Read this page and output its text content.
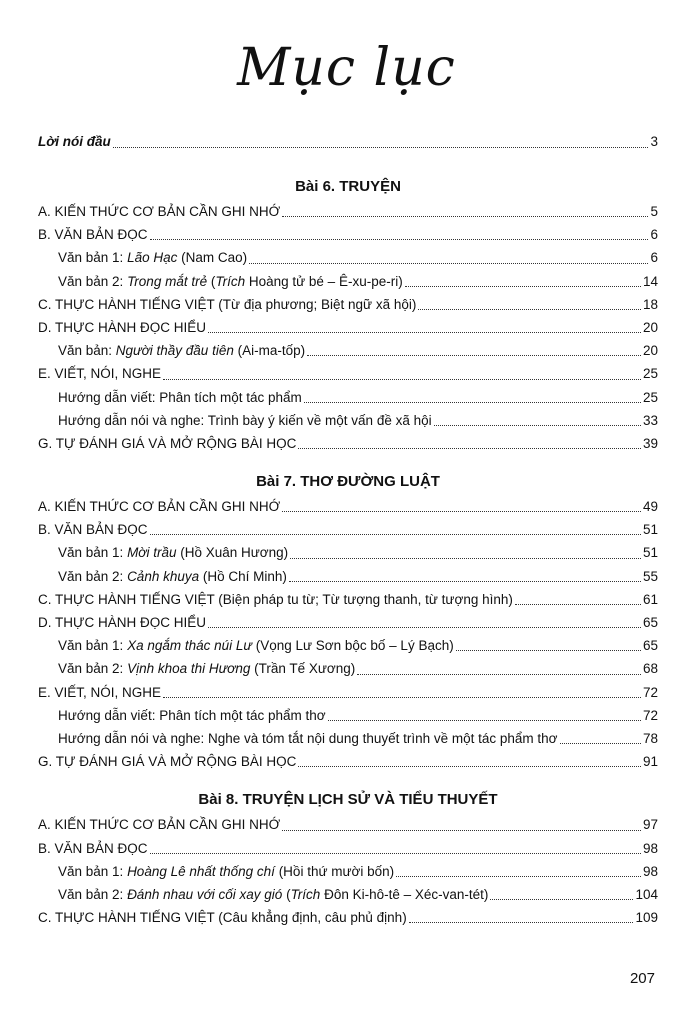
Mục lục
Lời nói đầu	3
Bài 6. TRUYỆN
A. KIẾN THỨC CƠ BẢN CẦN GHI NHỚ	5
B. VĂN BẢN ĐỌC	6
Văn bản 1: Lão Hạc (Nam Cao)	6
Văn bản 2: Trong mắt trẻ (Trích Hoàng tử bé – Ê-xu-pe-ri)	14
C. THỰC HÀNH TIẾNG VIỆT (Từ địa phương; Biệt ngữ xã hội)	18
D. THỰC HÀNH ĐỌC HIỂU	20
Văn bản: Người thầy đầu tiên (Ai-ma-tốp)	20
E. VIẾT, NÓI, NGHE	25
Hướng dẫn viết: Phân tích một tác phẩm	25
Hướng dẫn nói và nghe: Trình bày ý kiến về một vấn đề xã hội	33
G. TỰ ĐÁNH GIÁ VÀ MỞ RỘNG BÀI HỌC	39
Bài 7. THƠ ĐƯỜNG LUẬT
A. KIẾN THỨC CƠ BẢN CẦN GHI NHỚ	49
B. VĂN BẢN ĐỌC	51
Văn bản 1: Mời trầu (Hồ Xuân Hương)	51
Văn bản 2: Cảnh khuya (Hồ Chí Minh)	55
C. THỰC HÀNH TIẾNG VIỆT (Biện pháp tu từ; Từ tượng thanh, từ tượng hình)	61
D. THỰC HÀNH ĐỌC HIỂU	65
Văn bản 1: Xa ngắm thác núi Lư (Vọng Lư Sơn bộc bố – Lý Bạch)	65
Văn bản 2: Vịnh khoa thi Hương (Trần Tế Xương)	68
E. VIẾT, NÓI, NGHE	72
Hướng dẫn viết: Phân tích một tác phẩm thơ	72
Hướng dẫn nói và nghe: Nghe và tóm tắt nội dung thuyết trình về một tác phẩm thơ	78
G. TỰ ĐÁNH GIÁ VÀ MỞ RỘNG BÀI HỌC	91
Bài 8. TRUYỆN LỊCH SỬ VÀ TIỂU THUYẾT
A. KIẾN THỨC CƠ BẢN CẦN GHI NHỚ	97
B. VĂN BẢN ĐỌC	98
Văn bản 1: Hoàng Lê nhất thống chí (Hồi thứ mười bốn)	98
Văn bản 2: Đánh nhau với cối xay gió (Trích Đôn Ki-hô-tê – Xéc-van-tét)	104
C. THỰC HÀNH TIẾNG VIỆT (Câu khẳng định, câu phủ định)	109
207
